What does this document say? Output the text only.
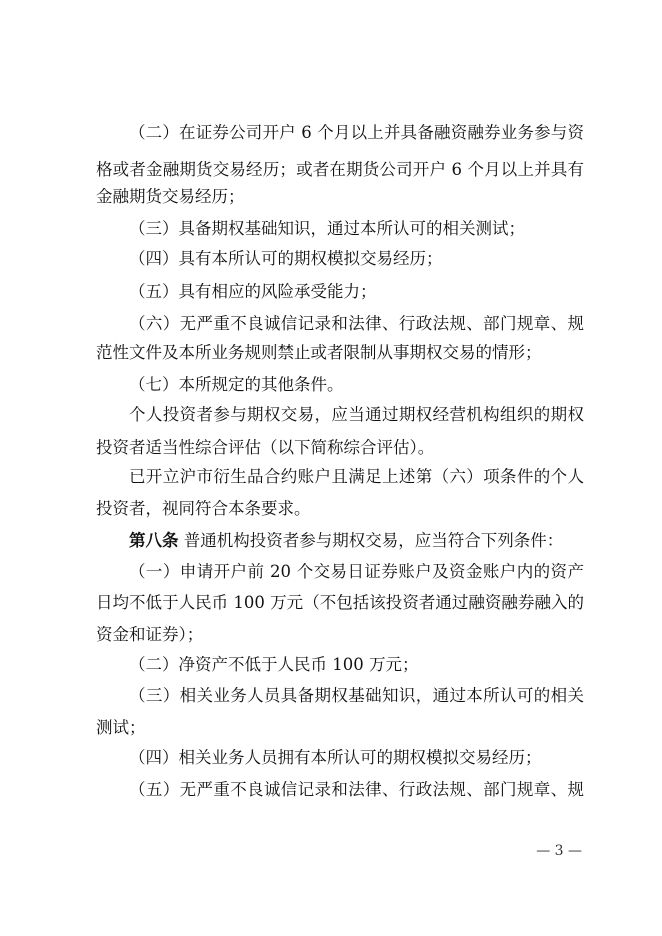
（二）在证券公司开户 6 个月以上并具备融资融券业务参与资
格或者金融期货交易经历；或者在期货公司开户 6 个月以上并具有
金融期货交易经历；
（三）具备期权基础知识，通过本所认可的相关测试；
（四）具有本所认可的期权模拟交易经历；
（五）具有相应的风险承受能力；
（六）无严重不良诚信记录和法律、行政法规、部门规章、规
范性文件及本所业务规则禁止或者限制从事期权交易的情形；
（七）本所规定的其他条件。
个人投资者参与期权交易，应当通过期权经营机构组织的期权
投资者适当性综合评估（以下简称综合评估）。
已开立沪市衍生品合约账户且满足上述第（六）项条件的个人
投资者，视同符合本条要求。
第八条 普通机构投资者参与期权交易，应当符合下列条件：
（一）申请开户前 20 个交易日证券账户及资金账户内的资产
日均不低于人民币 100 万元（不包括该投资者通过融资融券融入的
资金和证券）；
（二）净资产不低于人民币 100 万元；
（三）相关业务人员具备期权基础知识，通过本所认可的相关
测试；
（四）相关业务人员拥有本所认可的期权模拟交易经历；
（五）无严重不良诚信记录和法律、行政法规、部门规章、规
— 3 —
